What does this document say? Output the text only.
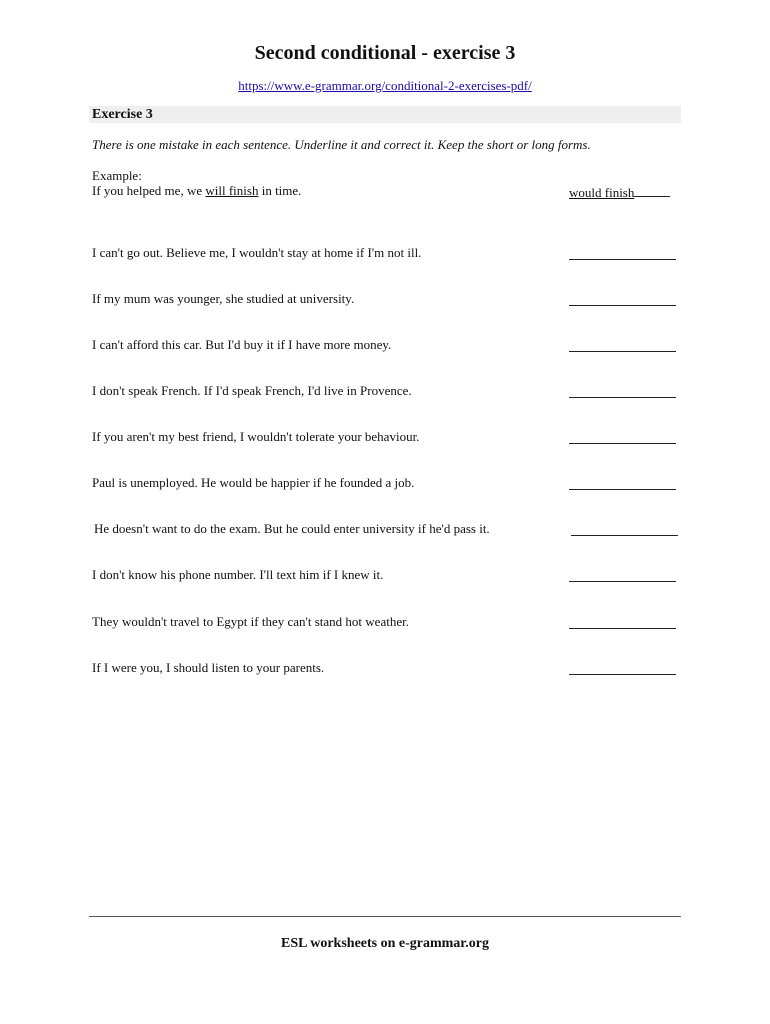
Second conditional - exercise 3
https://www.e-grammar.org/conditional-2-exercises-pdf/
Exercise 3
There is one mistake in each sentence. Underline it and correct it. Keep the short or long forms.
Example:
If you helped me, we will finish in time.	would finish
I can't go out. Believe me, I wouldn't stay at home if I'm not ill.
If my mum was younger, she studied at university.
I can't afford this car. But I'd buy it if I have more money.
I don't speak French. If I'd speak French, I'd live in Provence.
If you aren't my best friend, I wouldn't tolerate your behaviour.
Paul is unemployed. He would be happier if he founded a job.
He doesn't want to do the exam. But he could enter university if he'd pass it.
I don't know his phone number. I'll text him if I knew it.
They wouldn't travel to Egypt if they can't stand hot weather.
If I were you, I should listen to your parents.
ESL worksheets on e-grammar.org
